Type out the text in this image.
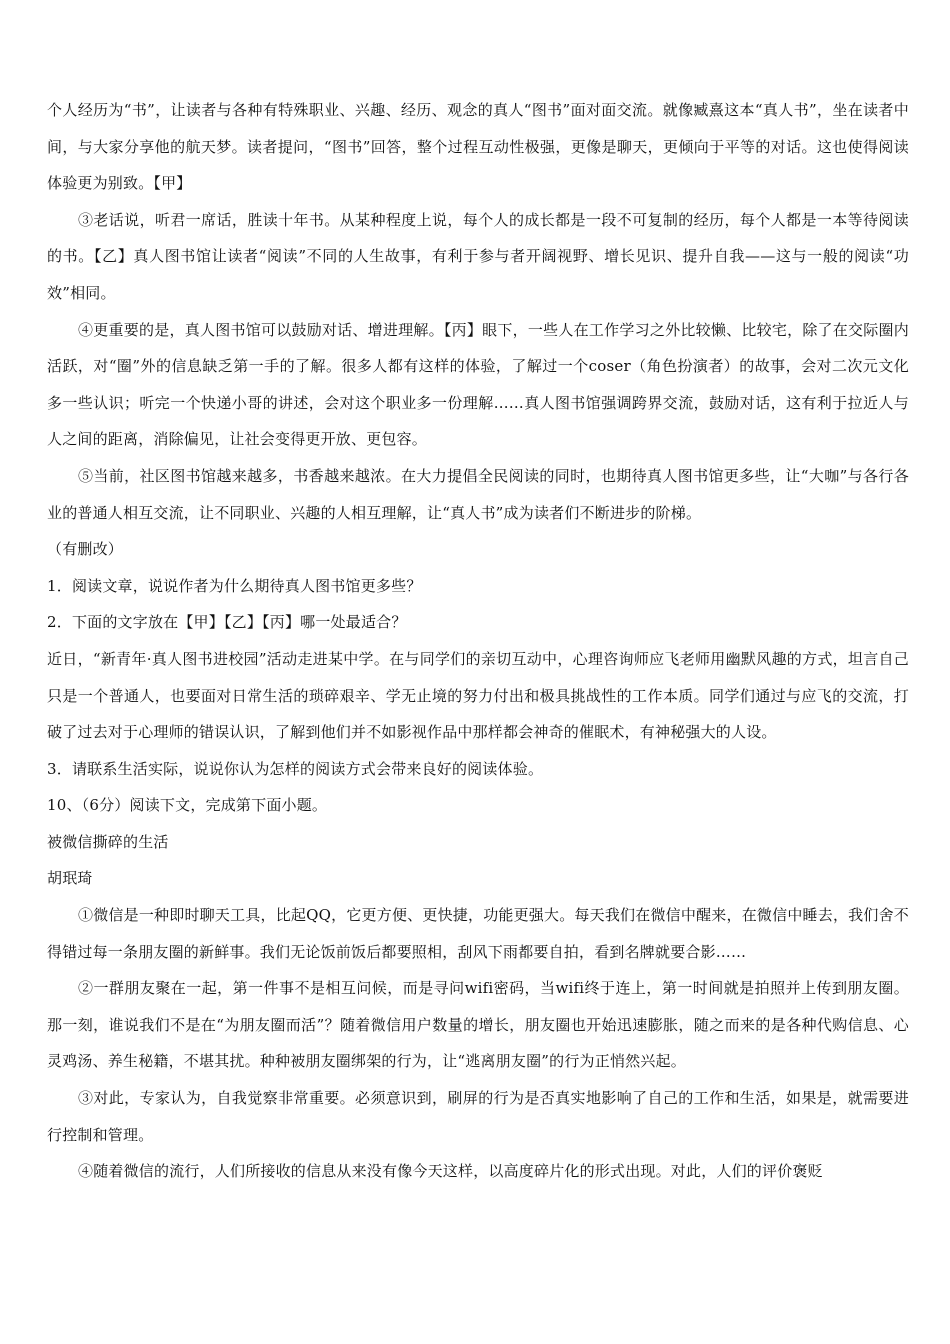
个人经历为“书”，让读者与各种有特殊职业、兴趣、经历、观念的真人“图书”面对面交流。就像臧熹这本“真人书”，坐在读者中间，与大家分享他的航天梦。读者提问，“图书”回答，整个过程互动性极强，更像是聊天，更倾向于平等的对话。这也使得阅读体验更为别致。【甲】

③老话说，听君一席话，胜读十年书。从某种程度上说，每个人的成长都是一段不可复制的经历，每个人都是一本等待阅读的书。【乙】真人图书馆让读者“阅读”不同的人生故事，有利于参与者开阔视野、增长见识、提升自我——这与一般的阅读“功效”相同。

④更重要的是，真人图书馆可以鼓励对话、增进理解。【丙】眼下，一些人在工作学习之外比较懒、比较宅，除了在交际圈内活跃，对“圈”外的信息缺乏第一手的了解。很多人都有这样的体验，了解过一个coser（角色扮演者）的故事，会对二次元文化多一些认识；听完一个快递小哥的讲述，会对这个职业多一份理解……真人图书馆强调跨界交流，鼓励对话，这有利于拉近人与人之间的距离，消除偏见，让社会变得更开放、更包容。

⑤当前，社区图书馆越来越多，书香越来越浓。在大力提倡全民阅读的同时，也期待真人图书馆更多些，让“大咖”与各行各业的普通人相互交流，让不同职业、兴趣的人相互理解，让“真人书”成为读者们不断进步的阶梯。

（有删改）

1．阅读文章，说说作者为什么期待真人图书馆更多些？

2．下面的文字放在【甲】【乙】【丙】哪一处最适合？

近日，“新青年·真人图书进校园”活动走进某中学。在与同学们的亲切互动中，心理咨询师应飞老师用幽默风趣的方式，坦言自己只是一个普通人，也要面对日常生活的琐碎艰辛、学无止境的努力付出和极具挑战性的工作本质。同学们通过与应飞的交流，打破了过去对于心理师的错误认识，了解到他们并不如影视作品中那样都会神奇的催眠术，有神秘强大的人设。

3．请联系生活实际，说说你认为怎样的阅读方式会带来良好的阅读体验。

10、（6分）阅读下文，完成第下面小题。

被微信撕碎的生活

胡珉琦

①微信是一种即时聊天工具，比起QQ，它更方便、更快捷，功能更强大。每天我们在微信中醒来，在微信中睡去，我们舍不得错过每一条朋友圈的新鲜事。我们无论饭前饭后都要照相，刮风下雨都要自拍，看到名牌就要合影……

②一群朋友聚在一起，第一件事不是相互问候，而是寻问wifi密码，当wifi终于连上，第一时间就是拍照并上传到朋友圈。那一刻，谁说我们不是在“为朋友圈而活”？随着微信用户数量的增长，朋友圈也开始迅速膨胀，随之而来的是各种代购信息、心灵鸡汤、养生秘籍，不堪其扰。种种被朋友圈绑架的行为，让“逃离朋友圈”的行为正悄然兴起。

③对此，专家认为，自我觉察非常重要。必须意识到，刷屏的行为是否真实地影响了自己的工作和生活，如果是，就需要进行控制和管理。

④随着微信的流行，人们所接收的信息从来没有像今天这样，以高度碎片化的形式出现。对此，人们的评价褒贬
